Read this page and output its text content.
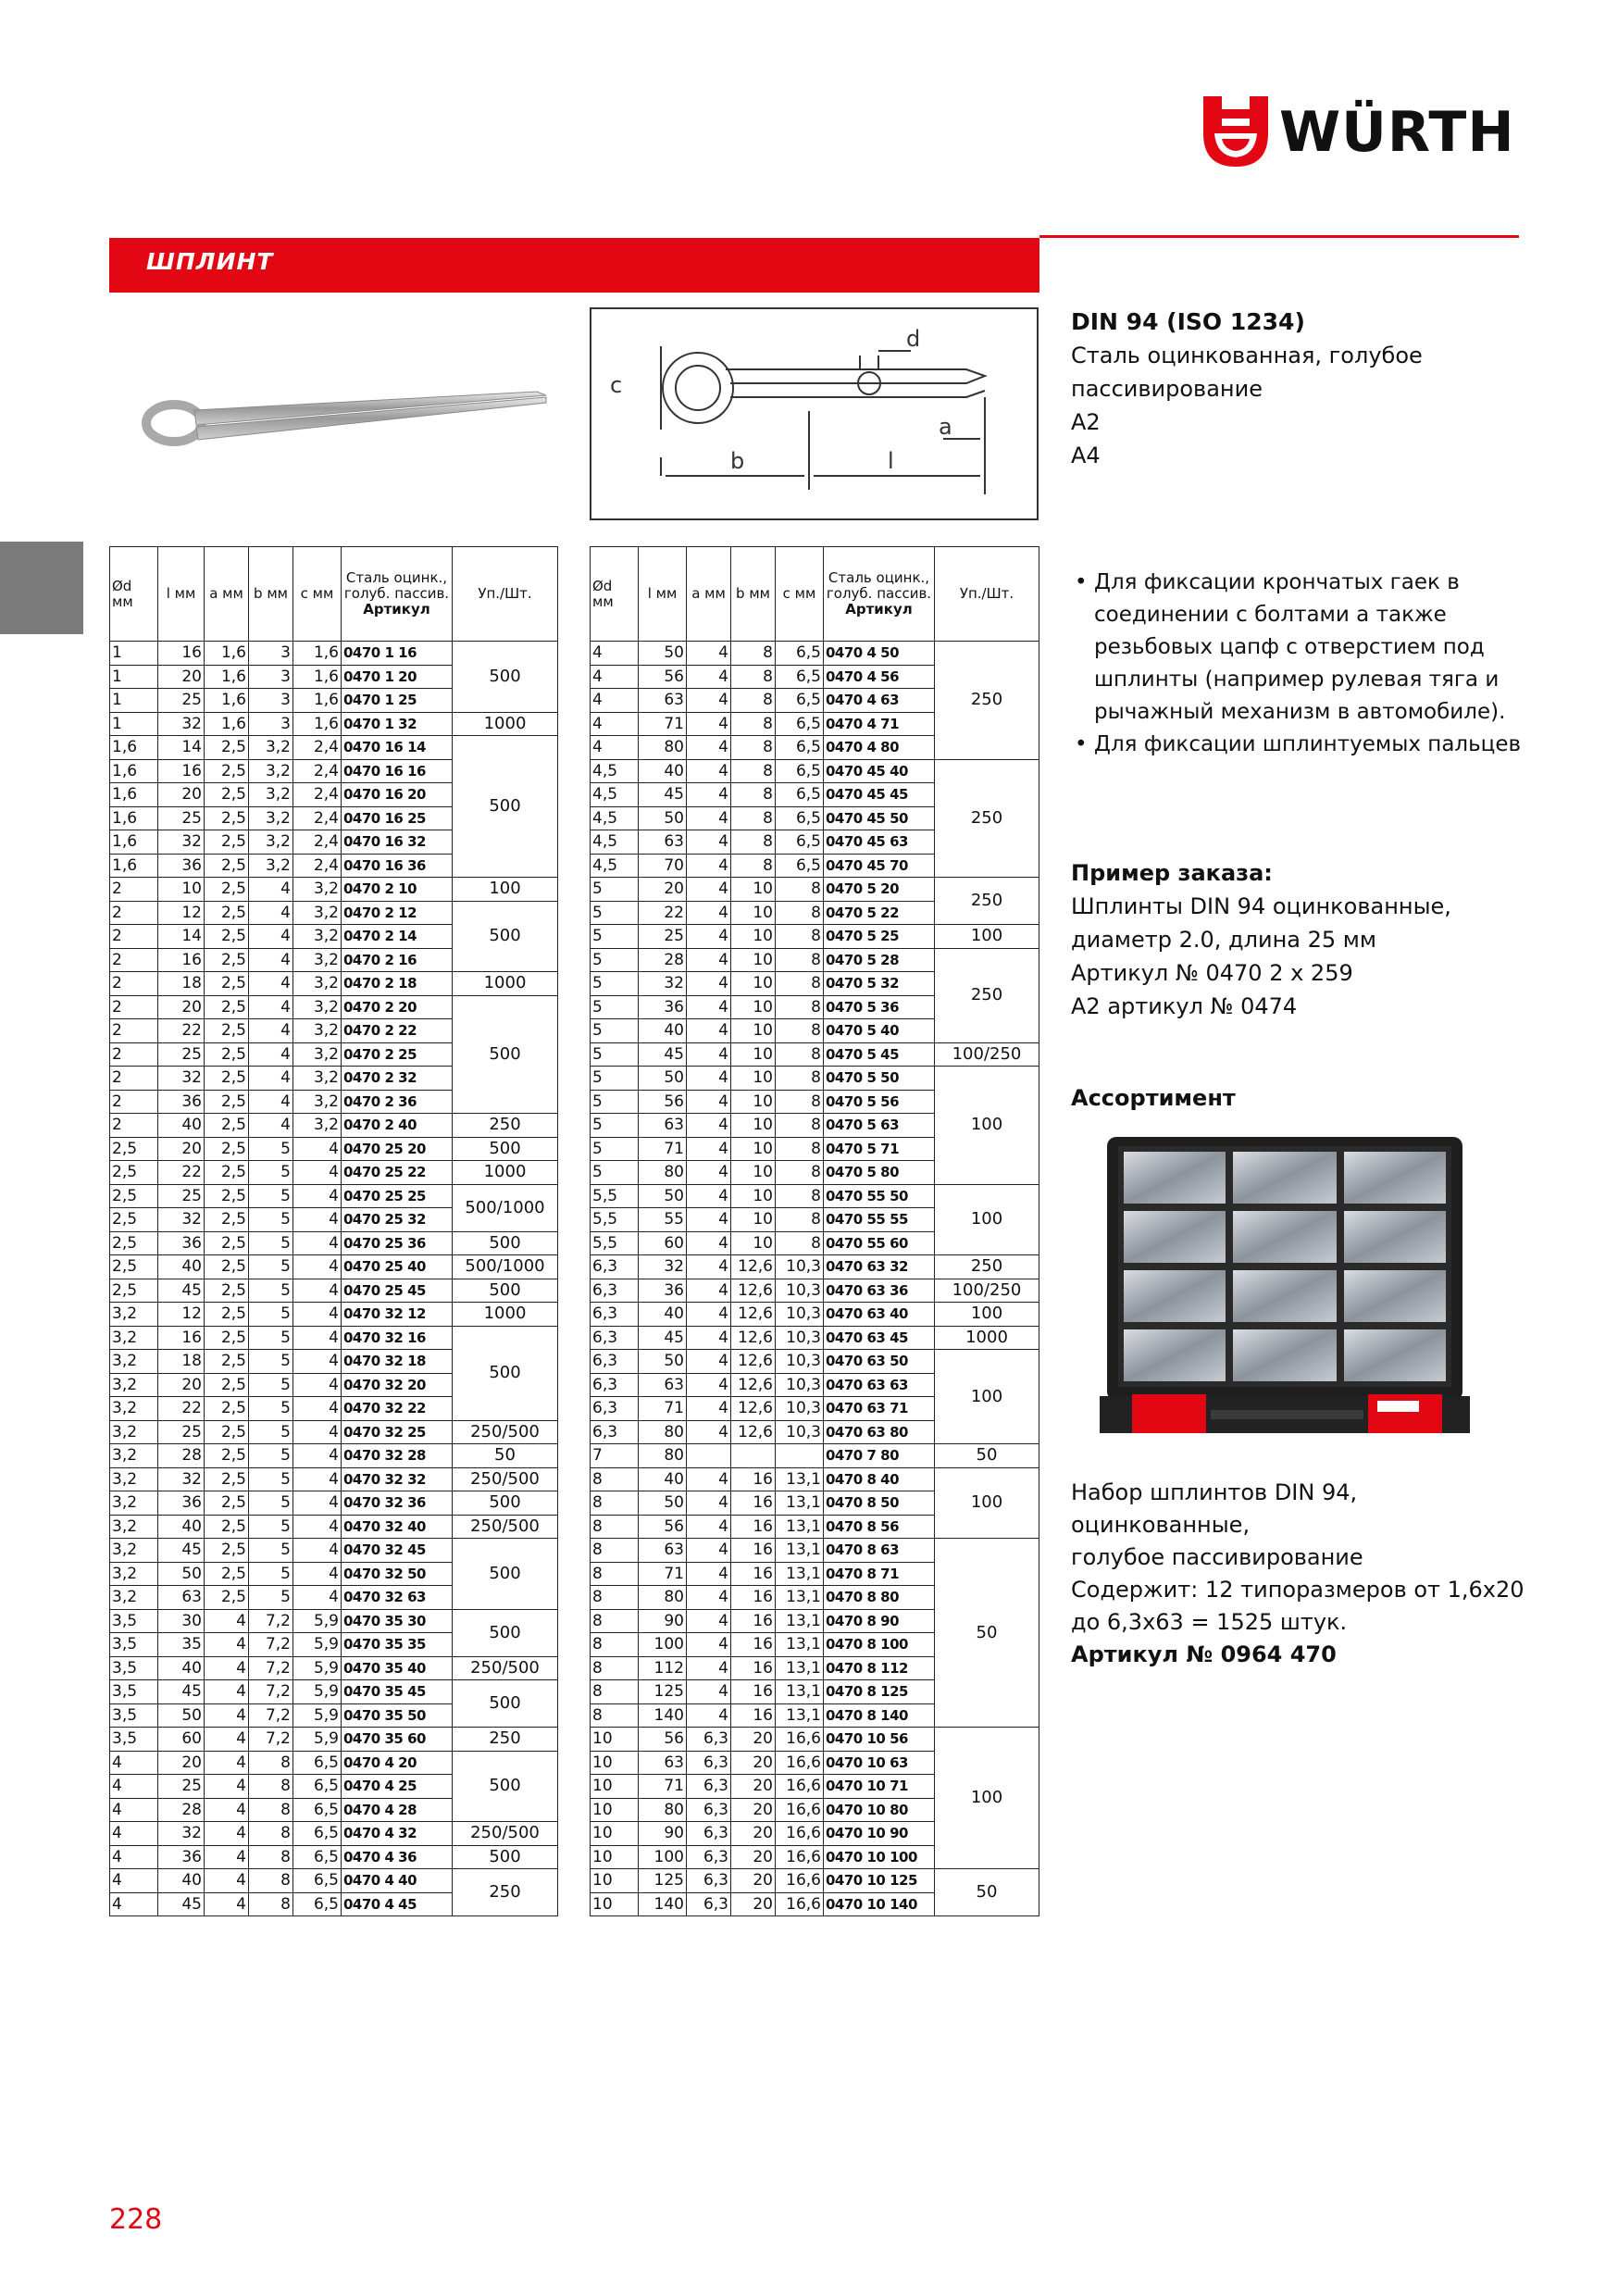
WÜRTH
ШПЛИНТ
c
d
a
b	l
DIN 94 (ISO 1234)
Сталь оцинкованная, голубое
пассивирование
A2
A4
• Для фиксации крончатых гаек в соединении с болтами а также резьбовых цапф с отверстием под шплинты (например рулевая тяга и рычажный механизм в автомобиле).
• Для фиксации шплинтуемых пальцев
Пример заказа:
Шплинты DIN 94 оцинкованные,
диаметр 2.0, длина 25 мм
Артикул № 0470 2 x 259
А2 артикул № 0474
Ассортимент
Набор шплинтов DIN 94, оцинкованные,
голубое пассивирование
Содержит: 12 типоразмеров от 1,6х20
до 6,3х63 = 1525 штук.
Артикул № 0964 470
Ød мм	l мм	a мм	b мм	c мм	Сталь оцинк., голуб. пассив.
Артикул	Уп./Шт.
1	16	1,6	3	1,6	0470 1 16	500
1	20	1,6	3	1,6	0470 1 20	
1	25	1,6	3	1,6	0470 1 25	
1	32	1,6	3	1,6	0470 1 32	1000
1,6	14	2,5	3,2	2,4	0470 16 14	500
1,6	16	2,5	3,2	2,4	0470 16 16	
1,6	20	2,5	3,2	2,4	0470 16 20	
1,6	25	2,5	3,2	2,4	0470 16 25	
1,6	32	2,5	3,2	2,4	0470 16 32	
1,6	36	2,5	3,2	2,4	0470 16 36	
2	10	2,5	4	3,2	0470 2 10	100
2	12	2,5	4	3,2	0470 2 12	500
2	14	2,5	4	3,2	0470 2 14	
2	16	2,5	4	3,2	0470 2 16	
2	18	2,5	4	3,2	0470 2 18	1000
2	20	2,5	4	3,2	0470 2 20	500
2	22	2,5	4	3,2	0470 2 22	
2	25	2,5	4	3,2	0470 2 25	
2	32	2,5	4	3,2	0470 2 32	
2	36	2,5	4	3,2	0470 2 36	
2	40	2,5	4	3,2	0470 2 40	250
2,5	20	2,5	5	4	0470 25 20	500
2,5	22	2,5	5	4	0470 25 22	1000
2,5	25	2,5	5	4	0470 25 25	500/1000
2,5	32	2,5	5	4	0470 25 32	
2,5	36	2,5	5	4	0470 25 36	500
2,5	40	2,5	5	4	0470 25 40	500/1000
2,5	45	2,5	5	4	0470 25 45	500
3,2	12	2,5	5	4	0470 32 12	1000
3,2	16	2,5	5	4	0470 32 16	500
3,2	18	2,5	5	4	0470 32 18	
3,2	20	2,5	5	4	0470 32 20	
3,2	22	2,5	5	4	0470 32 22	
3,2	25	2,5	5	4	0470 32 25	250/500
3,2	28	2,5	5	4	0470 32 28	50
3,2	32	2,5	5	4	0470 32 32	250/500
3,2	36	2,5	5	4	0470 32 36	500
3,2	40	2,5	5	4	0470 32 40	250/500
3,2	45	2,5	5	4	0470 32 45	500
3,2	50	2,5	5	4	0470 32 50	
3,2	63	2,5	5	4	0470 32 63	
3,5	30	4	7,2	5,9	0470 35 30	500
3,5	35	4	7,2	5,9	0470 35 35	
3,5	40	4	7,2	5,9	0470 35 40	250/500
3,5	45	4	7,2	5,9	0470 35 45	500
3,5	50	4	7,2	5,9	0470 35 50	
3,5	60	4	7,2	5,9	0470 35 60	250
4	20	4	8	6,5	0470 4 20	500
4	25	4	8	6,5	0470 4 25	
4	28	4	8	6,5	0470 4 28	
4	32	4	8	6,5	0470 4 32	250/500
4	36	4	8	6,5	0470 4 36	500
4	40	4	8	6,5	0470 4 40	250
4	45	4	8	6,5	0470 4 45	
Ød мм	l мм	a мм	b мм	c мм	Сталь оцинк., голуб. пассив.
Артикул	Уп./Шт.
4	50	4	8	6,5	0470 4 50	250
4	56	4	8	6,5	0470 4 56	
4	63	4	8	6,5	0470 4 63	
4	71	4	8	6,5	0470 4 71	
4	80	4	8	6,5	0470 4 80	
4,5	40	4	8	6,5	0470 45 40	250
4,5	45	4	8	6,5	0470 45 45	
4,5	50	4	8	6,5	0470 45 50	
4,5	63	4	8	6,5	0470 45 63	
4,5	70	4	8	6,5	0470 45 70	
5	20	4	10	8	0470 5 20	250
5	22	4	10	8	0470 5 22	
5	25	4	10	8	0470 5 25	100
5	28	4	10	8	0470 5 28	250
5	32	4	10	8	0470 5 32	
5	36	4	10	8	0470 5 36	
5	40	4	10	8	0470 5 40	
5	45	4	10	8	0470 5 45	100/250
5	50	4	10	8	0470 5 50	100
5	56	4	10	8	0470 5 56	
5	63	4	10	8	0470 5 63	
5	71	4	10	8	0470 5 71	
5	80	4	10	8	0470 5 80	
5,5	50	4	10	8	0470 55 50	100
5,5	55	4	10	8	0470 55 55	
5,5	60	4	10	8	0470 55 60	
6,3	32	4	12,6	10,3	0470 63 32	250
6,3	36	4	12,6	10,3	0470 63 36	100/250
6,3	40	4	12,6	10,3	0470 63 40	100
6,3	45	4	12,6	10,3	0470 63 45	1000
6,3	50	4	12,6	10,3	0470 63 50	100
6,3	63	4	12,6	10,3	0470 63 63	
6,3	71	4	12,6	10,3	0470 63 71	
6,3	80	4	12,6	10,3	0470 63 80	
7	80				0470 7 80	50
8	40	4	16	13,1	0470 8 40	100
8	50	4	16	13,1	0470 8 50	
8	56	4	16	13,1	0470 8 56	
8	63	4	16	13,1	0470 8 63	50
8	71	4	16	13,1	0470 8 71	
8	80	4	16	13,1	0470 8 80	
8	90	4	16	13,1	0470 8 90	
8	100	4	16	13,1	0470 8 100	
8	112	4	16	13,1	0470 8 112	
8	125	4	16	13,1	0470 8 125	
8	140	4	16	13,1	0470 8 140	
10	56	6,3	20	16,6	0470 10 56	100
10	63	6,3	20	16,6	0470 10 63	
10	71	6,3	20	16,6	0470 10 71	
10	80	6,3	20	16,6	0470 10 80	
10	90	6,3	20	16,6	0470 10 90	
10	100	6,3	20	16,6	0470 10 100	
10	125	6,3	20	16,6	0470 10 125	50
10	140	6,3	20	16,6	0470 10 140	
228
